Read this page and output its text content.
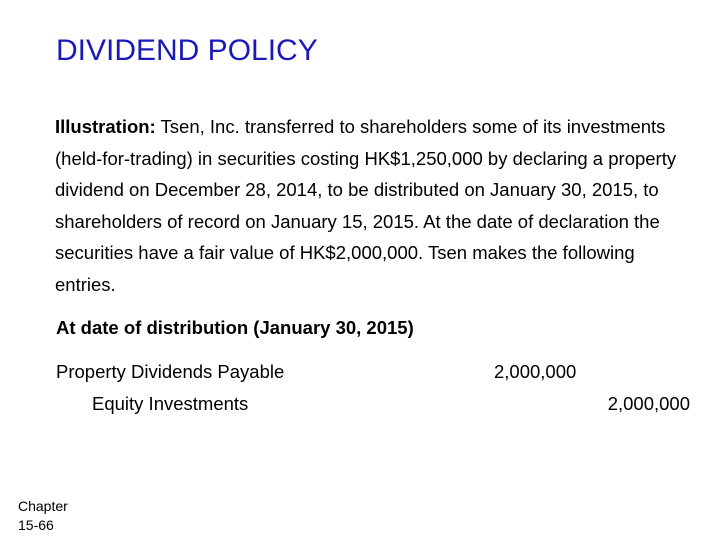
DIVIDEND POLICY
Illustration: Tsen, Inc. transferred to shareholders some of its investments (held-for-trading) in securities costing HK$1,250,000 by declaring a property dividend on December 28, 2014, to be distributed on January 30, 2015, to shareholders of record on January 15, 2015. At the date of declaration the securities have a fair value of HK$2,000,000. Tsen makes the following entries.
At date of distribution (January 30, 2015)
Property Dividends Payable	2,000,000
Equity Investments	2,000,000
Chapter 15-66
